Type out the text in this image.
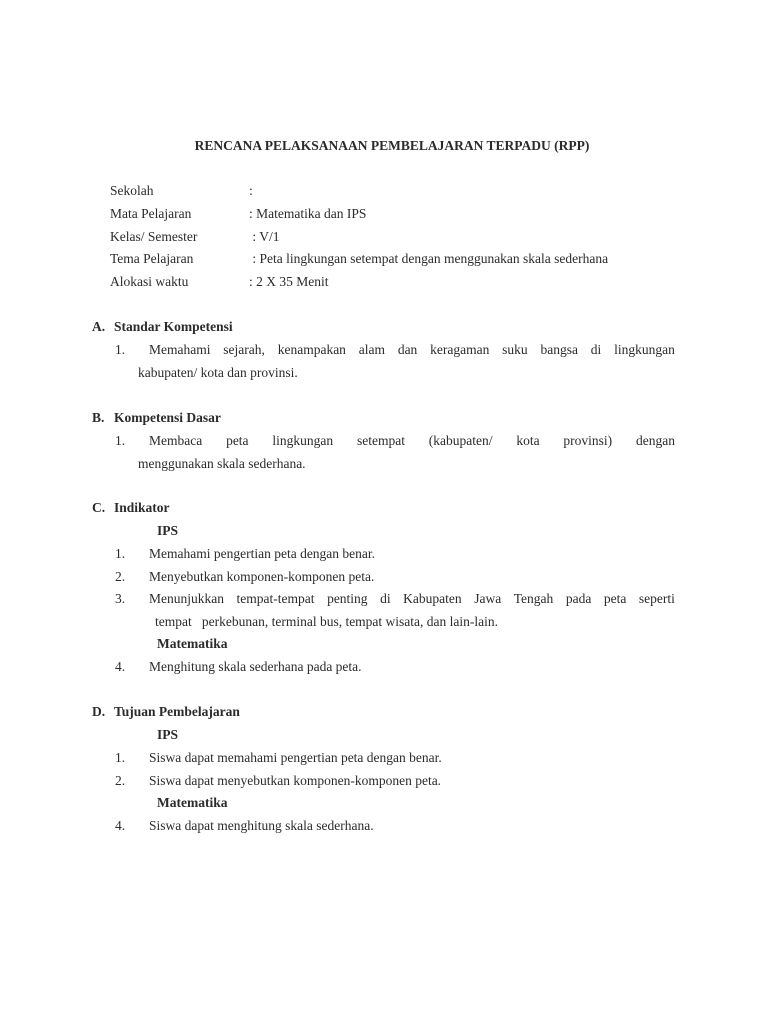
RENCANA PELAKSANAAN PEMBELAJARAN TERPADU (RPP)
Sekolah	:
Mata Pelajaran	: Matematika dan IPS
Kelas/ Semester	: V/1
Tema Pelajaran	: Peta lingkungan setempat dengan menggunakan skala sederhana
Alokasi waktu	: 2 X 35 Menit
A. Standar Kompetensi
1. Memahami sejarah, kenampakan alam dan keragaman suku bangsa di lingkungan
kabupaten/ kota dan provinsi.
B. Kompetensi Dasar
1. Membaca peta lingkungan setempat (kabupaten/ kota provinsi) dengan
menggunakan skala sederhana.
C. Indikator
IPS
1. Memahami pengertian peta dengan benar.
2. Menyebutkan komponen-komponen peta.
3. Menunjukkan tempat-tempat penting di Kabupaten Jawa Tengah pada peta seperti
tempat   perkebunan, terminal bus, tempat wisata, dan lain-lain.
Matematika
4. Menghitung skala sederhana pada peta.
D. Tujuan Pembelajaran
IPS
1. Siswa dapat memahami pengertian peta dengan benar.
2. Siswa dapat menyebutkan komponen-komponen peta.
Matematika
4. Siswa dapat menghitung skala sederhana.
